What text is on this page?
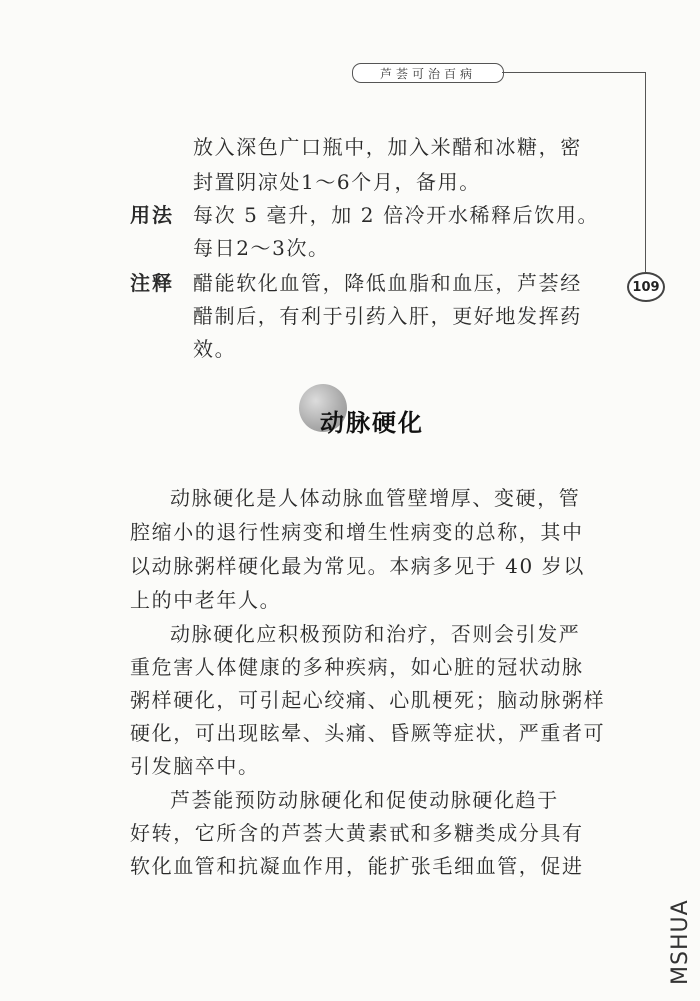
芦荟可治百病
109
放入深色广口瓶中，加入米醋和冰糖，密
封置阴凉处1～6个月，备用。
用法 每次 5 毫升，加 2 倍冷开水稀释后饮用。
每日2～3次。
注释 醋能软化血管，降低血脂和血压，芦荟经
醋制后，有利于引药入肝，更好地发挥药
效。
动脉硬化
动脉硬化是人体动脉血管壁增厚、变硬，管
腔缩小的退行性病变和增生性病变的总称，其中
以动脉粥样硬化最为常见。本病多见于 40 岁以
上的中老年人。
动脉硬化应积极预防和治疗，否则会引发严
重危害人体健康的多种疾病，如心脏的冠状动脉
粥样硬化，可引起心绞痛、心肌梗死；脑动脉粥样
硬化，可出现眩晕、头痛、昏厥等症状，严重者可
引发脑卒中。
芦荟能预防动脉硬化和促使动脉硬化趋于
好转，它所含的芦荟大黄素甙和多糖类成分具有
软化血管和抗凝血作用，能扩张毛细血管，促进
MSHUA
